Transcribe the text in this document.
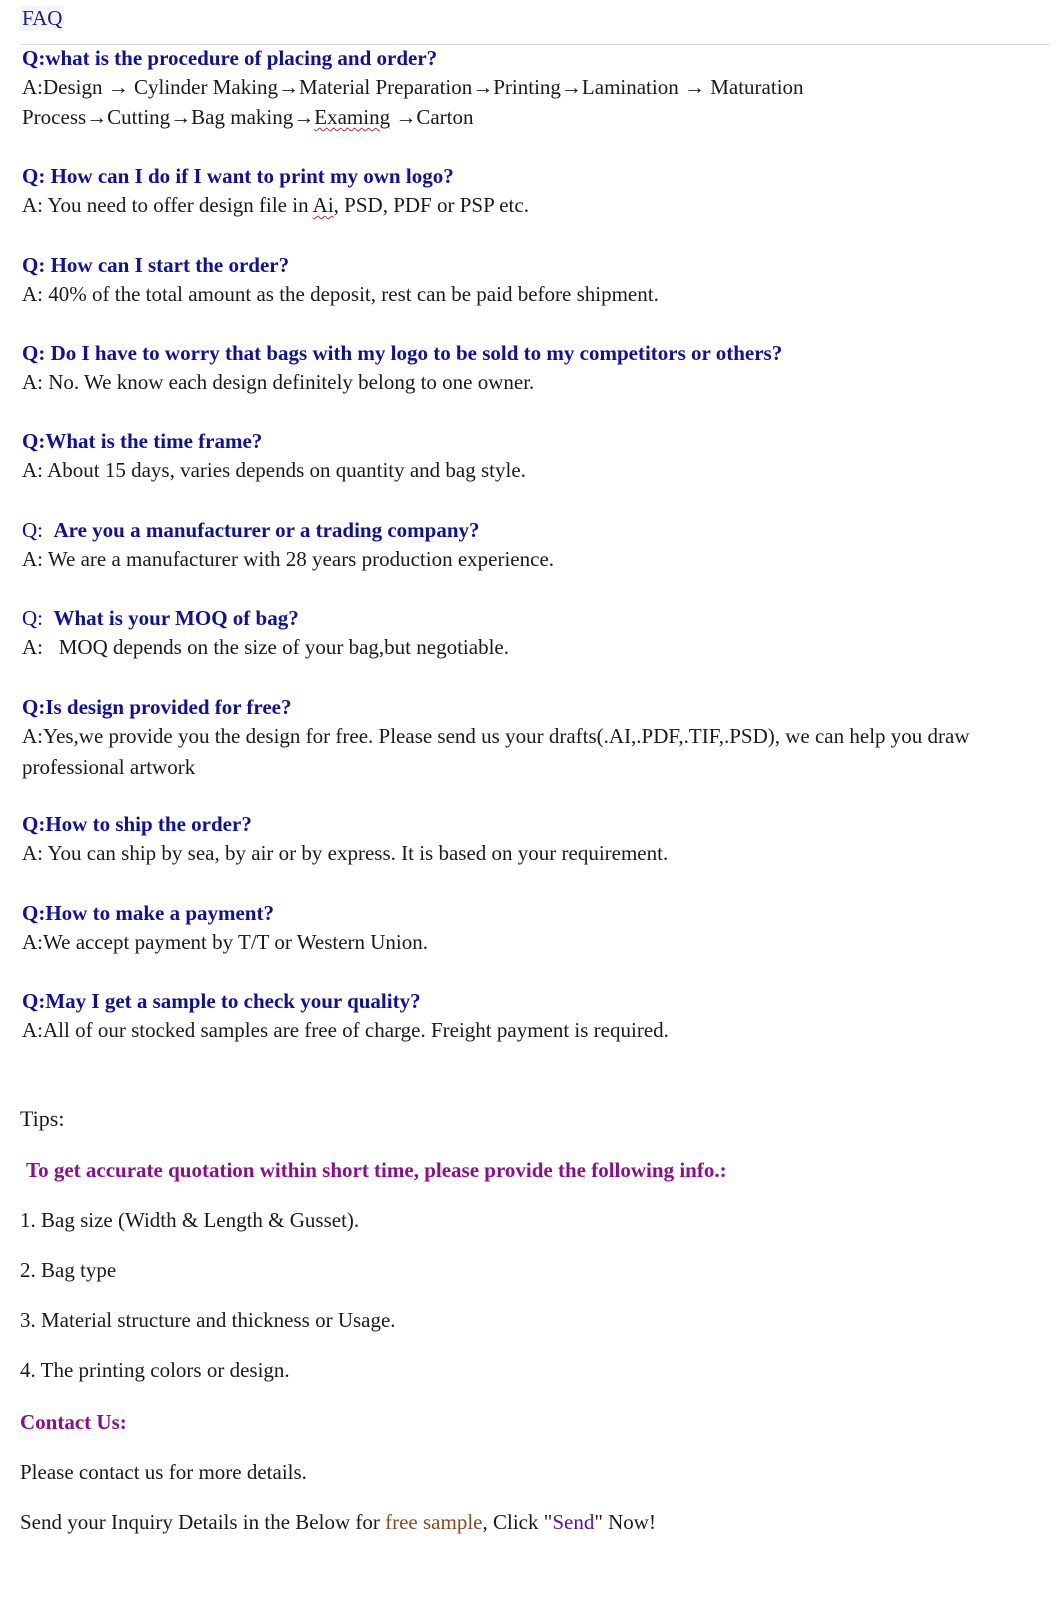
FAQ
Q:what is the procedure of placing and order?
A:Design → Cylinder Making→Material Preparation→Printing→Lamination → Maturation
Process→Cutting→Bag making→Examing →Carton
Q: How can I do if I want to print my own logo?
A: You need to offer design file in Ai, PSD, PDF or PSP etc.
Q: How can I start the order?
A: 40% of the total amount as the deposit, rest can be paid before shipment.
Q: Do I have to worry that bags with my logo to be sold to my competitors or others?
A: No. We know each design definitely belong to one owner.
Q:What is the time frame?
A: About 15 days, varies depends on quantity and bag style.
Q:  Are you a manufacturer or a trading company?
A: We are a manufacturer with 28 years production experience.
Q:  What is your MOQ of bag?
A:   MOQ depends on the size of your bag,but negotiable.
Q:Is design provided for free?
A:Yes,we provide you the design for free. Please send us your drafts(.AI,.PDF,.TIF,.PSD), we can help you draw professional artwork
Q:How to ship the order?
A: You can ship by sea, by air or by express. It is based on your requirement.
Q:How to make a payment?
A:We accept payment by T/T or Western Union.
Q:May I get a sample to check your quality?
A:All of our stocked samples are free of charge. Freight payment is required.
Tips:
To get accurate quotation within short time, please provide the following info.:
1. Bag size (Width & Length & Gusset).
2. Bag type
3. Material structure and thickness or Usage.
4. The printing colors or design.
Contact Us:
Please contact us for more details.
Send your Inquiry Details in the Below for free sample, Click "Send" Now!
